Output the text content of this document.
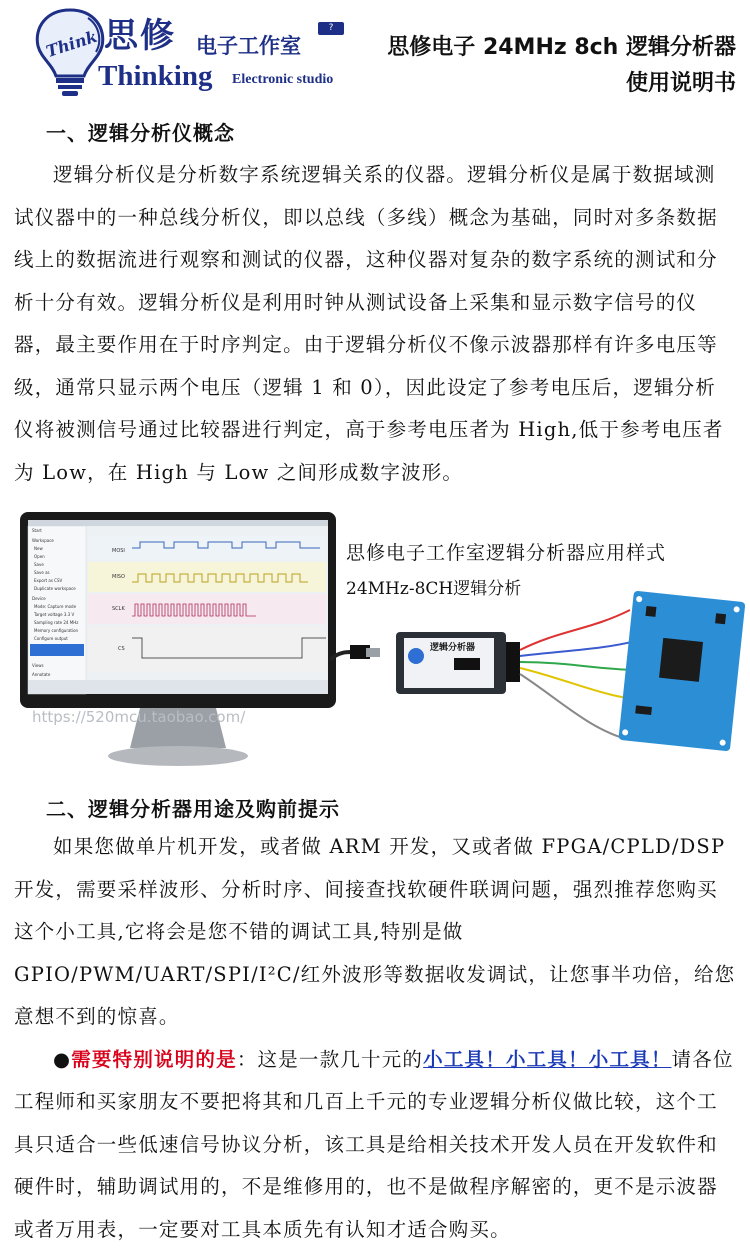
Think 思修 电子工作室
?
Thinking Electronic studio
思修电子 24MHz 8ch 逻辑分析器
使用说明书
一、逻辑分析仪概念

逻辑分析仪是分析数字系统逻辑关系的仪器。逻辑分析仪是属于数据域测试仪器中的一种总线分析仪，即以总线（多线）概念为基础，同时对多条数据线上的数据流进行观察和测试的仪器，这种仪器对复杂的数字系统的测试和分析十分有效。逻辑分析仪是利用时钟从测试设备上采集和显示数字信号的仪器，最主要作用在于时序判定。由于逻辑分析仪不像示波器那样有许多电压等级，通常只显示两个电压（逻辑 1 和 0），因此设定了参考电压后，逻辑分析仪将被测信号通过比较器进行判定，高于参考电压者为 High,低于参考电压者为 Low，在 High 与 Low 之间形成数字波形。

Start
Workspace
New
Open
Save
Save as
Export as CSV
Duplicate workspace
Device
Mode: Capture mode
Target voltage 3.3 V
Sampling rate 24 MHz
Memory configuration
Configure output
Views
Annotate
MOSI
MISO
SCLK
CS
https://520mcu.taobao.com/
思修电子工作室逻辑分析器应用样式
24MHz-8CH逻辑分析
逻辑分析器
二、逻辑分析器用途及购前提示

如果您做单片机开发，或者做 ARM 开发，又或者做 FPGA/CPLD/DSP 开发，需要采样波形、分析时序、间接查找软硬件联调问题，强烈推荐您购买这个小工具,它将会是您不错的调试工具,特别是做 GPIO/PWM/UART/SPI/I²C/红外波形等数据收发调试，让您事半功倍，给您意想不到的惊喜。

●需要特别说明的是：这是一款几十元的小工具！小工具！小工具！请各位工程师和买家朋友不要把将其和几百上千元的专业逻辑分析仪做比较，这个工具只适合一些低速信号协议分析，该工具是给相关技术开发人员在开发软件和硬件时，辅助调试用的，不是维修用的，也不是做程序解密的，更不是示波器或者万用表，一定要对工具本质先有认知才适合购买。
